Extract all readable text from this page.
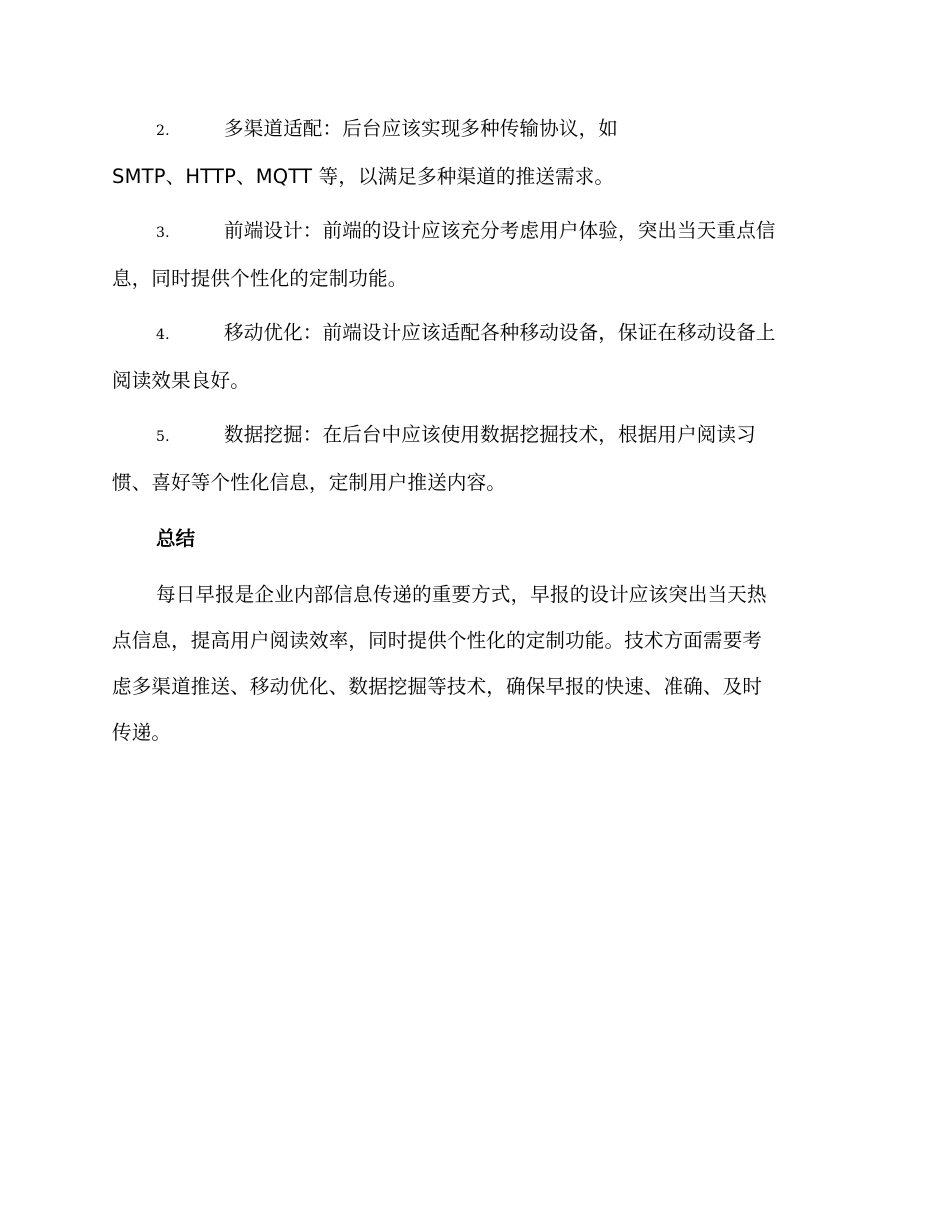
2.	多渠道适配：后台应该实现多种传输协议，如
SMTP、HTTP、MQTT 等，以满足多种渠道的推送需求。
3.	前端设计：前端的设计应该充分考虑用户体验，突出当天重点信
息，同时提供个性化的定制功能。
4.	移动优化：前端设计应该适配各种移动设备，保证在移动设备上
阅读效果良好。
5.	数据挖掘：在后台中应该使用数据挖掘技术，根据用户阅读习
惯、喜好等个性化信息，定制用户推送内容。
总结
每日早报是企业内部信息传递的重要方式，早报的设计应该突出当天热
点信息，提高用户阅读效率，同时提供个性化的定制功能。技术方面需要考
虑多渠道推送、移动优化、数据挖掘等技术，确保早报的快速、准确、及时
传递。
